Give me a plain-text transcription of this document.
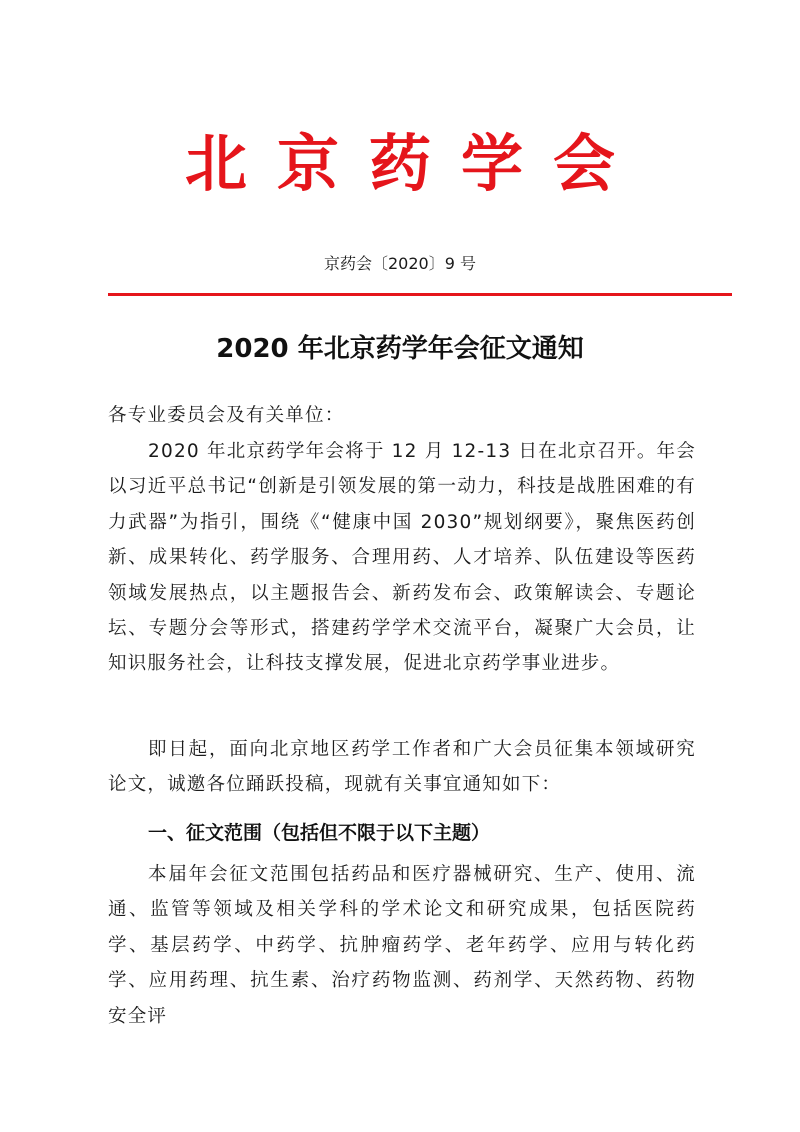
北京药学会
京药会〔2020〕9 号
2020 年北京药学年会征文通知
各专业委员会及有关单位：
2020 年北京药学年会将于 12 月 12-13 日在北京召开。年会以习近平总书记“创新是引领发展的第一动力，科技是战胜困难的有力武器”为指引，围绕《“健康中国 2030”规划纲要》，聚焦医药创新、成果转化、药学服务、合理用药、人才培养、队伍建设等医药领域发展热点，以主题报告会、新药发布会、政策解读会、专题论坛、专题分会等形式，搭建药学学术交流平台，凝聚广大会员，让知识服务社会，让科技支撑发展，促进北京药学事业进步。
即日起，面向北京地区药学工作者和广大会员征集本领域研究论文，诚邀各位踊跃投稿，现就有关事宜通知如下：
一、征文范围（包括但不限于以下主题）
本届年会征文范围包括药品和医疗器械研究、生产、使用、流通、监管等领域及相关学科的学术论文和研究成果，包括医院药学、基层药学、中药学、抗肿瘤药学、老年药学、应用与转化药学、应用药理、抗生素、治疗药物监测、药剂学、天然药物、药物安全评
